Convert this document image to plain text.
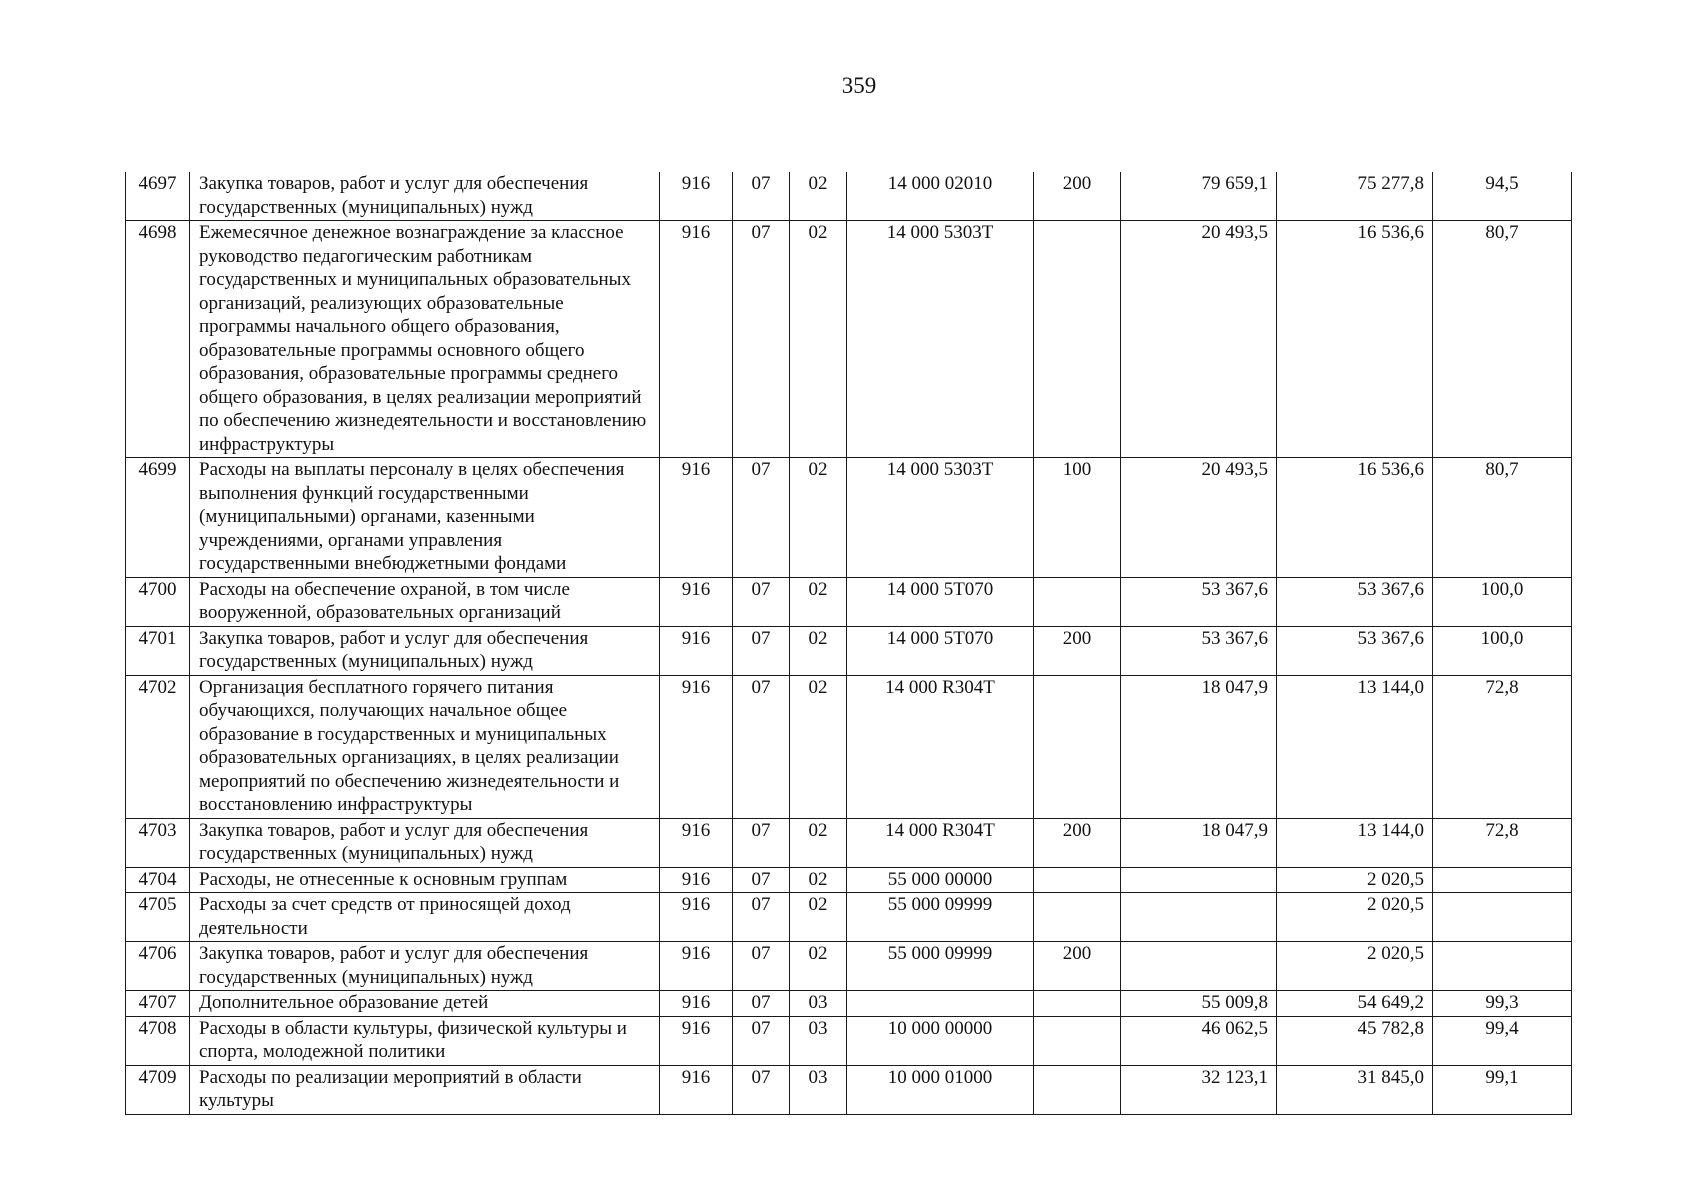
359
4697	Закупка товаров, работ и услуг для обеспечения государственных (муниципальных) нужд	916	07	02	14 000 02010	200	79 659,1	75 277,8	94,5
4698	Ежемесячное денежное вознаграждение за классное руководство педагогическим работникам государственных и муниципальных образовательных организаций, реализующих образовательные программы начального общего образования, образовательные программы основного общего образования, образовательные программы среднего общего образования, в целях реализации мероприятий по обеспечению жизнедеятельности и восстановлению инфраструктуры	916	07	02	14 000 5303Т		20 493,5	16 536,6	80,7
4699	Расходы на выплаты персоналу в целях обеспечения выполнения функций государственными (муниципальными) органами, казенными учреждениями, органами управления государственными внебюджетными фондами	916	07	02	14 000 5303Т	100	20 493,5	16 536,6	80,7
4700	Расходы на обеспечение охраной, в том числе вооруженной, образовательных организаций	916	07	02	14 000 5Т070		53 367,6	53 367,6	100,0
4701	Закупка товаров, работ и услуг для обеспечения государственных (муниципальных) нужд	916	07	02	14 000 5Т070	200	53 367,6	53 367,6	100,0
4702	Организация бесплатного горячего питания обучающихся, получающих начальное общее образование в государственных и муниципальных образовательных организациях, в целях реализации мероприятий по обеспечению жизнедеятельности и восстановлению инфраструктуры	916	07	02	14 000 R304Т		18 047,9	13 144,0	72,8
4703	Закупка товаров, работ и услуг для обеспечения государственных (муниципальных) нужд	916	07	02	14 000 R304Т	200	18 047,9	13 144,0	72,8
4704	Расходы, не отнесенные к основным группам	916	07	02	55 000 00000			2 020,5	
4705	Расходы за счет средств от приносящей доход деятельности	916	07	02	55 000 09999			2 020,5	
4706	Закупка товаров, работ и услуг для обеспечения государственных (муниципальных) нужд	916	07	02	55 000 09999	200		2 020,5	
4707	Дополнительное образование детей	916	07	03			55 009,8	54 649,2	99,3
4708	Расходы в области культуры, физической культуры и спорта, молодежной политики	916	07	03	10 000 00000		46 062,5	45 782,8	99,4
4709	Расходы по реализации мероприятий в области культуры	916	07	03	10 000 01000		32 123,1	31 845,0	99,1
